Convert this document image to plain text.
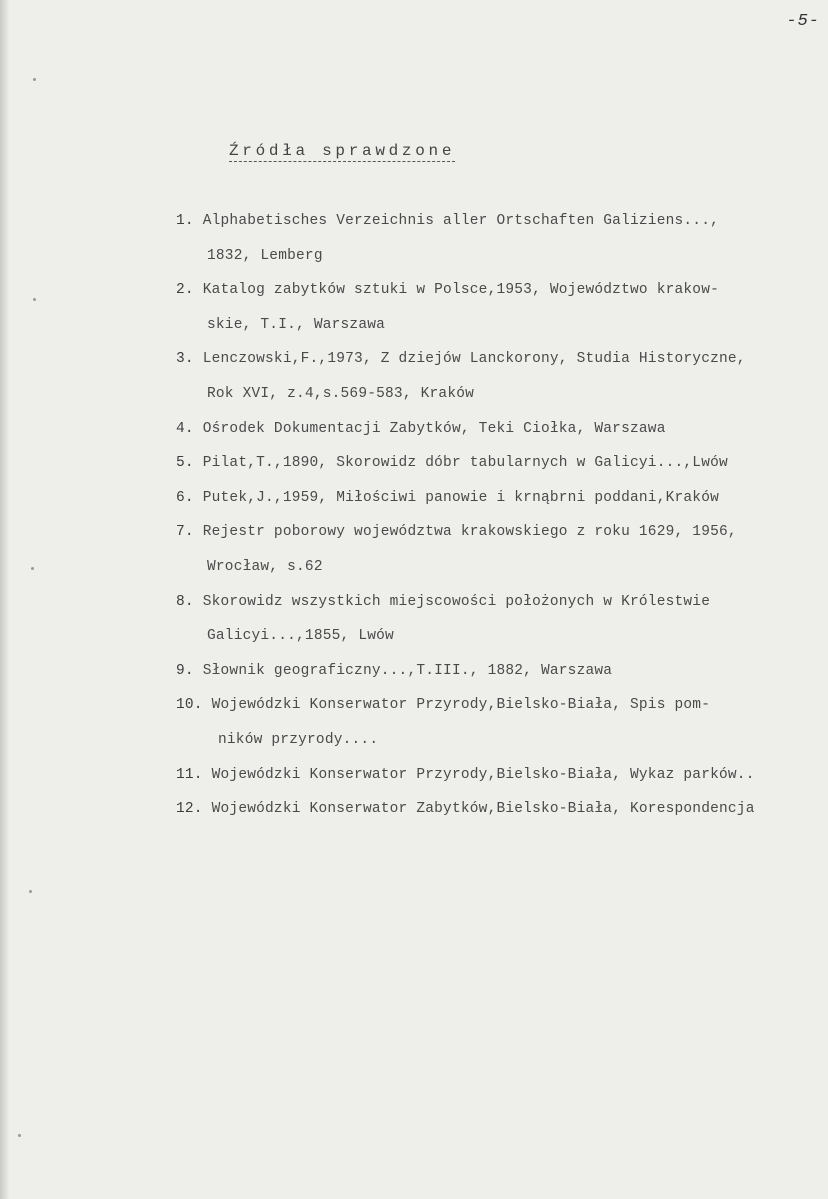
-5-
Źródła sprawdzone
1. Alphabetisches Verzeichnis aller Ortschaften Galiziens...,
1832, Lemberg
2. Katalog zabytków sztuki w Polsce,1953, Województwo krakow-
skie, T.I., Warszawa
3. Lenczowski,F.,1973, Z dziejów Lanckorony, Studia Historyczne,
Rok XVI, z.4,s.569-583, Kraków
4. Ośrodek Dokumentacji Zabytków, Teki Ciołka, Warszawa
5. Pilat,T.,1890, Skorowidz dóbr tabularnych w Galicyi...,Lwów
6. Putek,J.,1959, Miłościwi panowie i krnąbrni poddani,Kraków
7. Rejestr poborowy województwa krakowskiego z roku 1629, 1956,
Wrocław, s.62
8. Skorowidz wszystkich miejscowości położonych w Królestwie
Galicyi...,1855, Lwów
9. Słownik geograficzny...,T.III., 1882, Warszawa
10. Wojewódzki Konserwator Przyrody,Bielsko-Biała, Spis pom-
ników przyrody....
11. Wojewódzki Konserwator Przyrody,Bielsko-Biała, Wykaz parków..
12. Wojewódzki Konserwator Zabytków,Bielsko-Biała, Korespondencja
